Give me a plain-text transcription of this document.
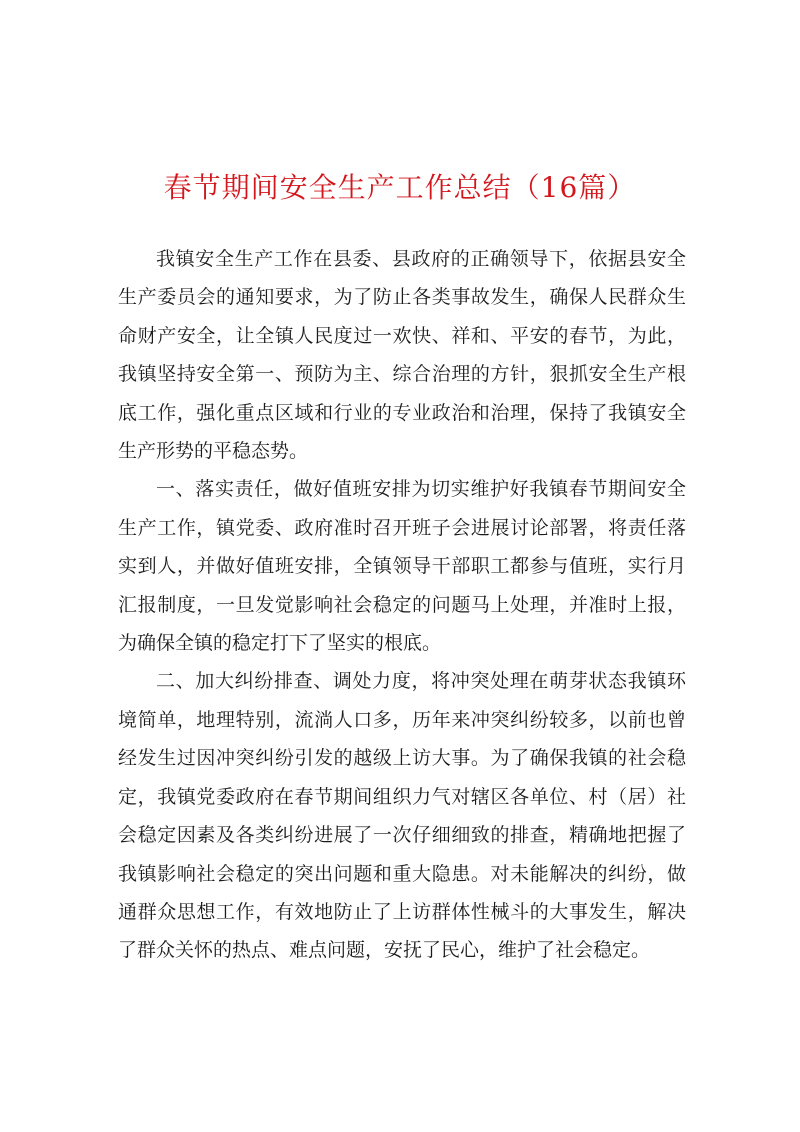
春节期间安全生产工作总结（16篇）

我镇安全生产工作在县委、县政府的正确领导下，依据县安全生产委员会的通知要求，为了防止各类事故发生，确保人民群众生命财产安全，让全镇人民度过一欢快、祥和、平安的春节，为此，我镇坚持安全第一、预防为主、综合治理的方针，狠抓安全生产根底工作，强化重点区域和行业的专业政治和治理，保持了我镇安全生产形势的平稳态势。

一、落实责任，做好值班安排为切实维护好我镇春节期间安全生产工作，镇党委、政府准时召开班子会进展讨论部署，将责任落实到人，并做好值班安排，全镇领导干部职工都参与值班，实行月汇报制度，一旦发觉影响社会稳定的问题马上处理，并准时上报，为确保全镇的稳定打下了坚实的根底。

二、加大纠纷排查、调处力度，将冲突处理在萌芽状态我镇环境简单，地理特别，流淌人口多，历年来冲突纠纷较多，以前也曾经发生过因冲突纠纷引发的越级上访大事。为了确保我镇的社会稳定，我镇党委政府在春节期间组织力气对辖区各单位、村（居）社会稳定因素及各类纠纷进展了一次仔细细致的排查，精确地把握了我镇影响社会稳定的突出问题和重大隐患。对未能解决的纠纷，做通群众思想工作，有效地防止了上访群体性械斗的大事发生，解决了群众关怀的热点、难点问题，安抚了民心，维护了社会稳定。
